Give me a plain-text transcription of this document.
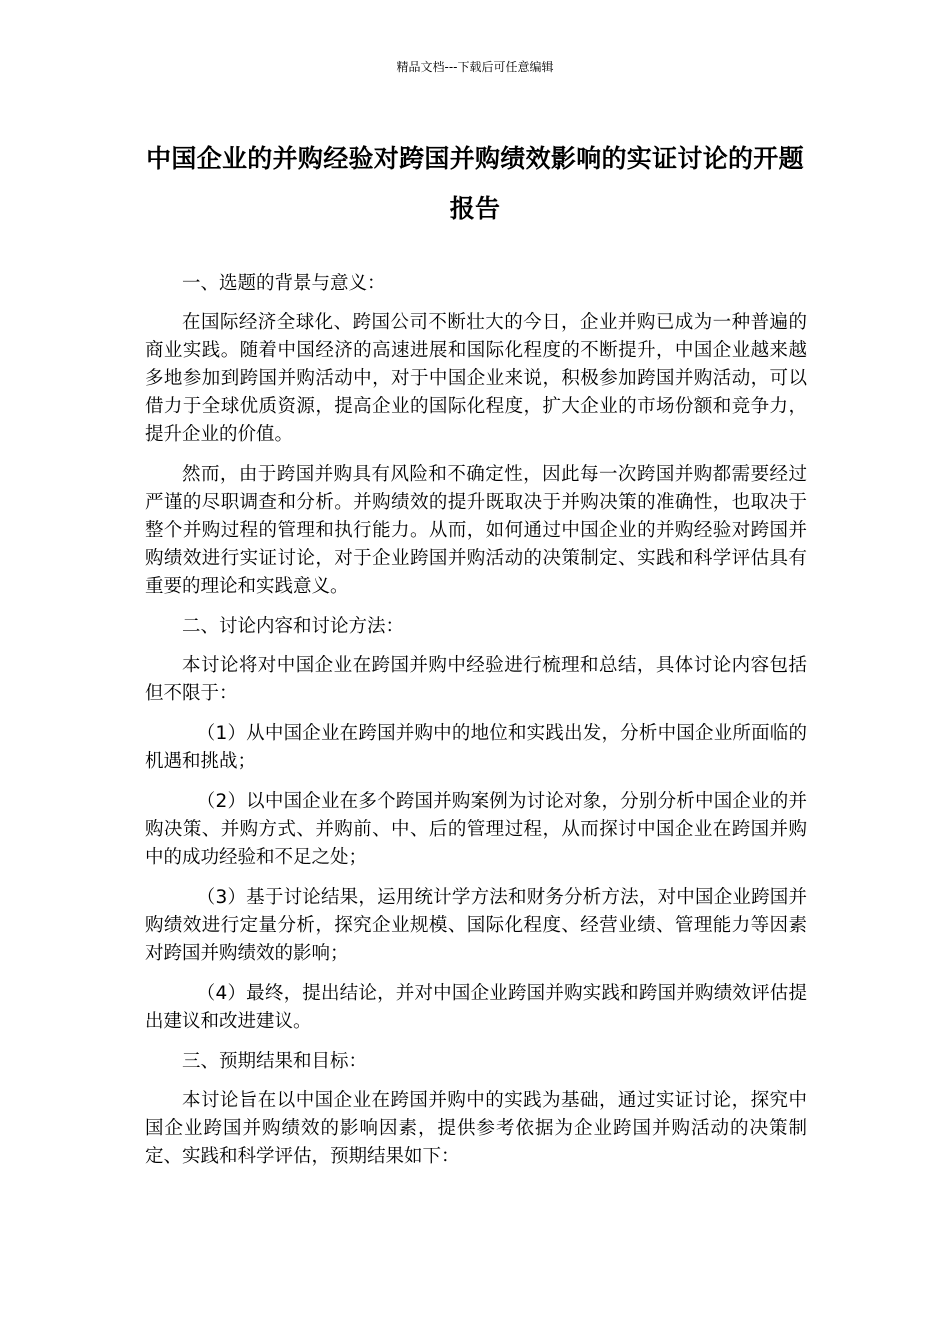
精品文档---下载后可任意编辑
中国企业的并购经验对跨国并购绩效影响的实证讨论的开题报告

一、选题的背景与意义：

在国际经济全球化、跨国公司不断壮大的今日，企业并购已成为一种普遍的商业实践。随着中国经济的高速进展和国际化程度的不断提升，中国企业越来越多地参加到跨国并购活动中，对于中国企业来说，积极参加跨国并购活动，可以借力于全球优质资源，提高企业的国际化程度，扩大企业的市场份额和竞争力，提升企业的价值。

然而，由于跨国并购具有风险和不确定性，因此每一次跨国并购都需要经过严谨的尽职调查和分析。并购绩效的提升既取决于并购决策的准确性，也取决于整个并购过程的管理和执行能力。从而，如何通过中国企业的并购经验对跨国并购绩效进行实证讨论，对于企业跨国并购活动的决策制定、实践和科学评估具有重要的理论和实践意义。

二、讨论内容和讨论方法：

本讨论将对中国企业在跨国并购中经验进行梳理和总结，具体讨论内容包括但不限于：

（1）从中国企业在跨国并购中的地位和实践出发，分析中国企业所面临的机遇和挑战；

（2）以中国企业在多个跨国并购案例为讨论对象，分别分析中国企业的并购决策、并购方式、并购前、中、后的管理过程，从而探讨中国企业在跨国并购中的成功经验和不足之处；

（3）基于讨论结果，运用统计学方法和财务分析方法，对中国企业跨国并购绩效进行定量分析，探究企业规模、国际化程度、经营业绩、管理能力等因素对跨国并购绩效的影响；

（4）最终，提出结论，并对中国企业跨国并购实践和跨国并购绩效评估提出建议和改进建议。

三、预期结果和目标：

本讨论旨在以中国企业在跨国并购中的实践为基础，通过实证讨论，探究中国企业跨国并购绩效的影响因素，提供参考依据为企业跨国并购活动的决策制定、实践和科学评估，预期结果如下：
